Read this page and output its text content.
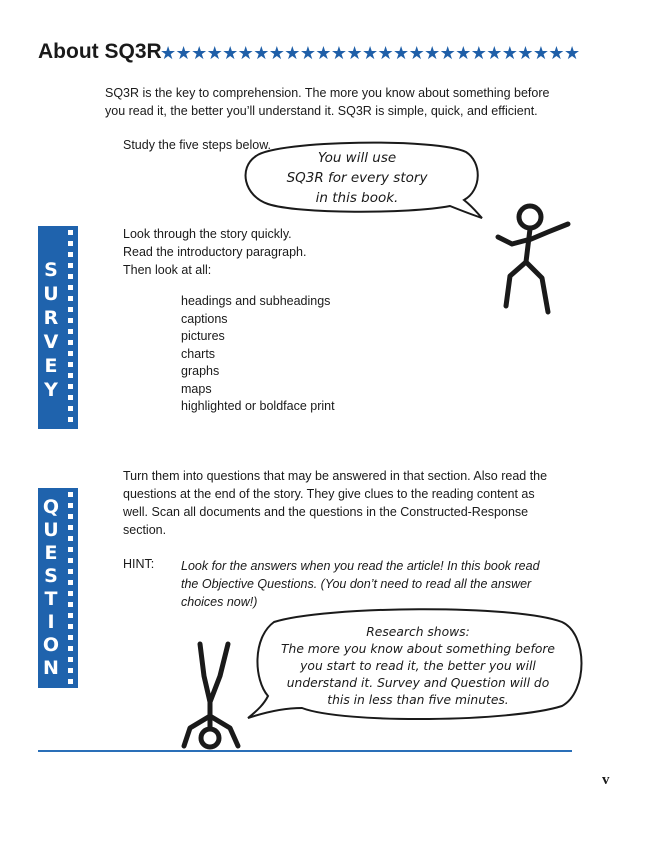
About SQ3R
★★★★★★★★★★★★★★★★★★★★★★★★★★★
SQ3R is the key to comprehension. The more you know about something before
you read it, the better you’ll understand it. SQ3R is simple, quick, and efficient.
Study the five steps below.
You will use
SQ3R for every story
in this book.
S
U
R
V
E
Y
Look through the story quickly.
Read the introductory paragraph.
Then look at all:
headings and subheadings
captions
pictures
charts
graphs
maps
highlighted or boldface print
Q
U
E
S
T
I
O
N
Turn them into questions that may be answered in that section. Also read the
questions at the end of the story. They give clues to the reading content as
well. Scan all documents and the questions in the Constructed-Response
section.
HINT: Look for the answers when you read the article! In this book read
the Objective Questions. (You don’t need to read all the answer
choices now!)
Research shows:
The more you know about something before
you start to read it, the better you will
understand it. Survey and Question will do
this in less than five minutes.
v
